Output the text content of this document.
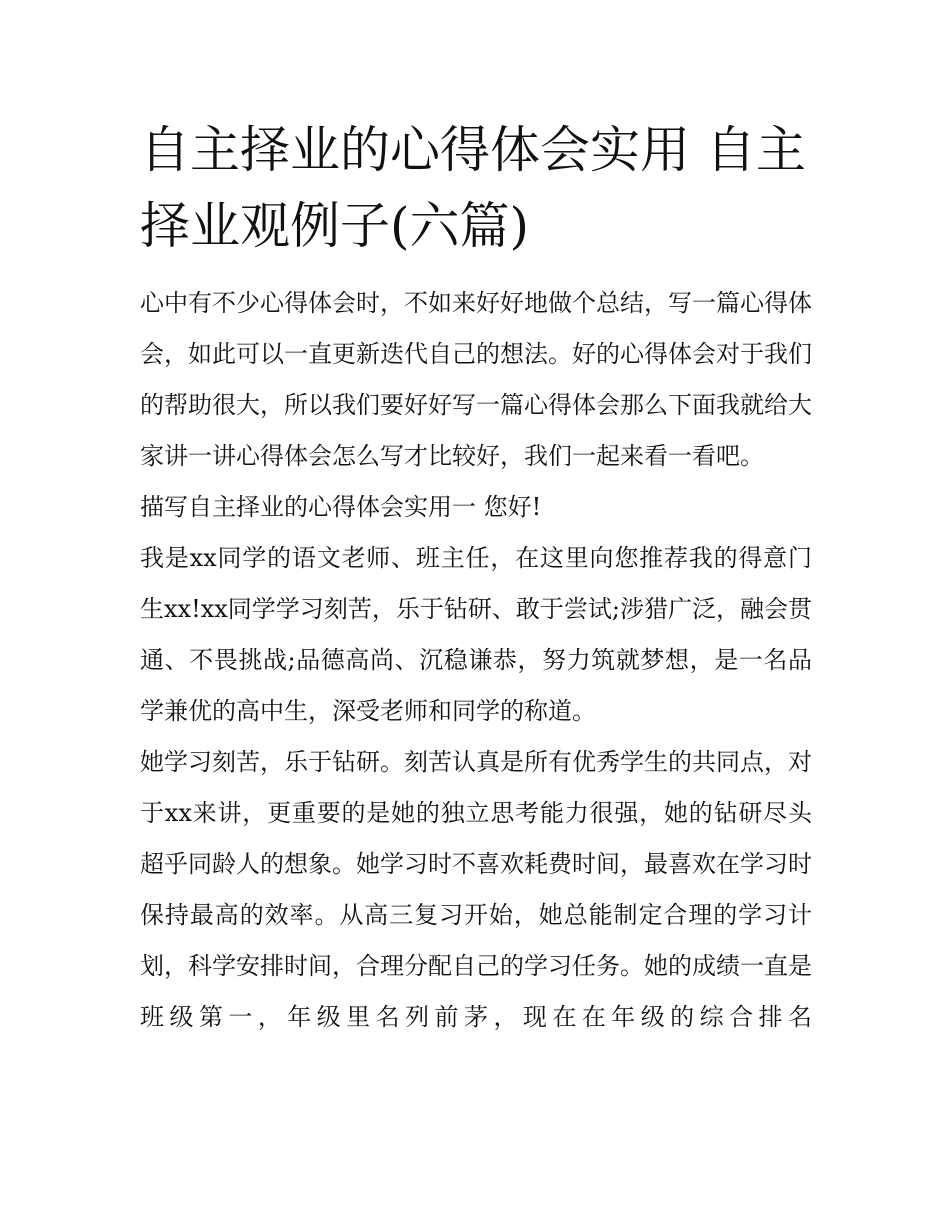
自主择业的心得体会实用 自主择业观例子(六篇)

心中有不少心得体会时，不如来好好地做个总结，写一篇心得体会，如此可以一直更新迭代自己的想法。好的心得体会对于我们的帮助很大，所以我们要好好写一篇心得体会那么下面我就给大家讲一讲心得体会怎么写才比较好，我们一起来看一看吧。

描写自主择业的心得体会实用一 您好!

我是xx同学的语文老师、班主任，在这里向您推荐我的得意门生xx!xx同学学习刻苦，乐于钻研、敢于尝试;涉猎广泛，融会贯通、不畏挑战;品德高尚、沉稳谦恭，努力筑就梦想，是一名品学兼优的高中生，深受老师和同学的称道。

她学习刻苦，乐于钻研。刻苦认真是所有优秀学生的共同点，对于xx来讲，更重要的是她的独立思考能力很强，她的钻研尽头超乎同龄人的想象。她学习时不喜欢耗费时间，最喜欢在学习时保持最高的效率。从高三复习开始，她总能制定合理的学习计划，科学安排时间，合理分配自己的学习任务。她的成绩一直是班级第一，年级里名列前茅，现在在年级的综合排名
